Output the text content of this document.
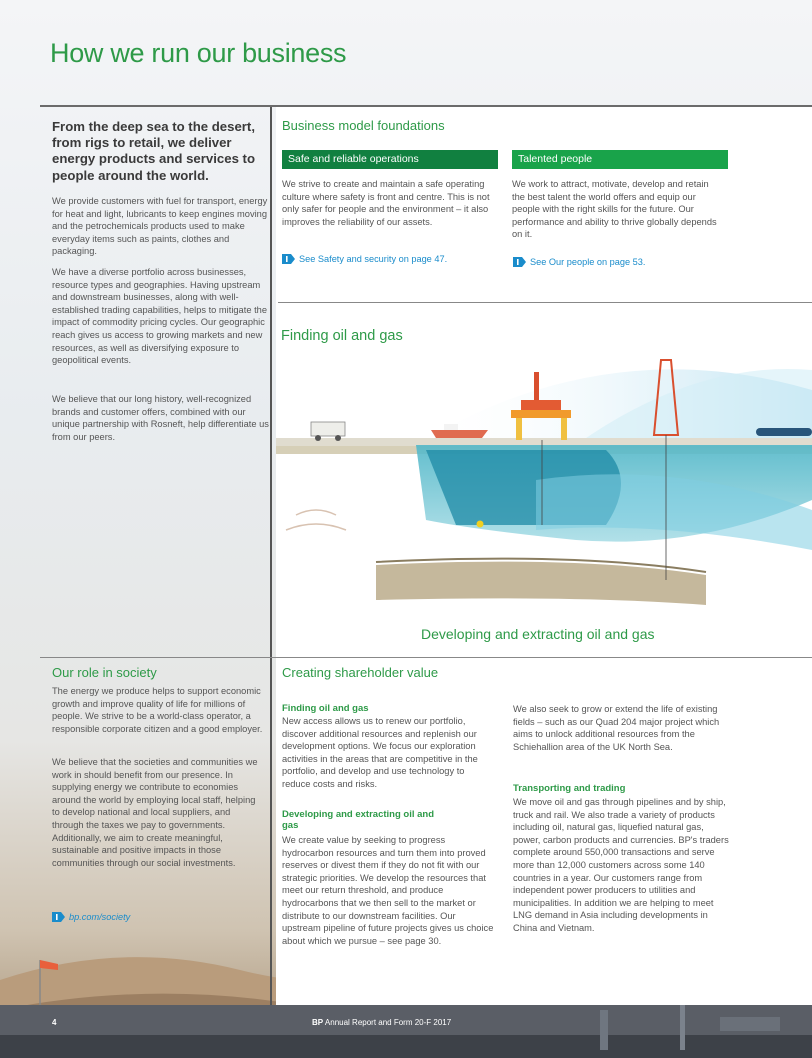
How we run our business

From the deep sea to the desert, from rigs to retail, we deliver energy products and services to people around the world.

We provide customers with fuel for transport, energy for heat and light, lubricants to keep engines moving and the petrochemicals products used to make everyday items such as paints, clothes and packaging.

We have a diverse portfolio across businesses, resource types and geographies. Having upstream and downstream businesses, along with well-established trading capabilities, helps to mitigate the impact of commodity pricing cycles. Our geographic reach gives us access to growing markets and new resources, as well as diversifying exposure to geopolitical events.

We believe that our long history, well-recognized brands and customer offers, combined with our unique partnership with Rosneft, help differentiate us from our peers.

Business model foundations
Safe and reliable operations	Talented people

We strive to create and maintain a safe operating culture where safety is front and centre. This is not only safer for people and the environment – it also improves the reliability of our assets.

We work to attract, motivate, develop and retain the best talent the world offers and equip our people with the right skills for the future. Our performance and ability to thrive globally depends on it.

See Safety and security on page 47.	See Our people on page 53.
Finding oil and gas
Developing and extracting oil and gas
Our role in society

The energy we produce helps to support economic growth and improve quality of life for millions of people. We strive to be a world-class operator, a responsible corporate citizen and a good employer.

We believe that the societies and communities we work in should benefit from our presence. In supplying energy we contribute to economies around the world by employing local staff, helping to develop national and local suppliers, and through the taxes we pay to governments. Additionally, we aim to create meaningful, sustainable and positive impacts in those communities through our social investments.

bp.com/society
Creating shareholder value

Finding oil and gas

New access allows us to renew our portfolio, discover additional resources and replenish our development options. We focus our exploration activities in the areas that are competitive in the portfolio, and develop and use technology to reduce costs and risks.

Developing and extracting oil and gas

We create value by seeking to progress hydrocarbon resources and turn them into proved reserves or divest them if they do not fit with our strategic priorities. We develop the resources that meet our return threshold, and produce hydrocarbons that we then sell to the market or distribute to our downstream facilities. Our upstream pipeline of future projects gives us choice about which we pursue – see page 30.

We also seek to grow or extend the life of existing fields – such as our Quad 204 major project which aims to unlock additional resources from the Schiehallion area of the UK North Sea.

Transporting and trading

We move oil and gas through pipelines and by ship, truck and rail. We also trade a variety of products including oil, natural gas, liquefied natural gas, power, carbon products and currencies. BP's traders complete around 550,000 transactions and serve more than 12,000 customers across some 140 countries in a year. Our customers range from independent power producers to utilities and municipalities. In addition we are helping to meet LNG demand in Asia including developments in China and Vietnam.

4	BP Annual Report and Form 20-F 2017
